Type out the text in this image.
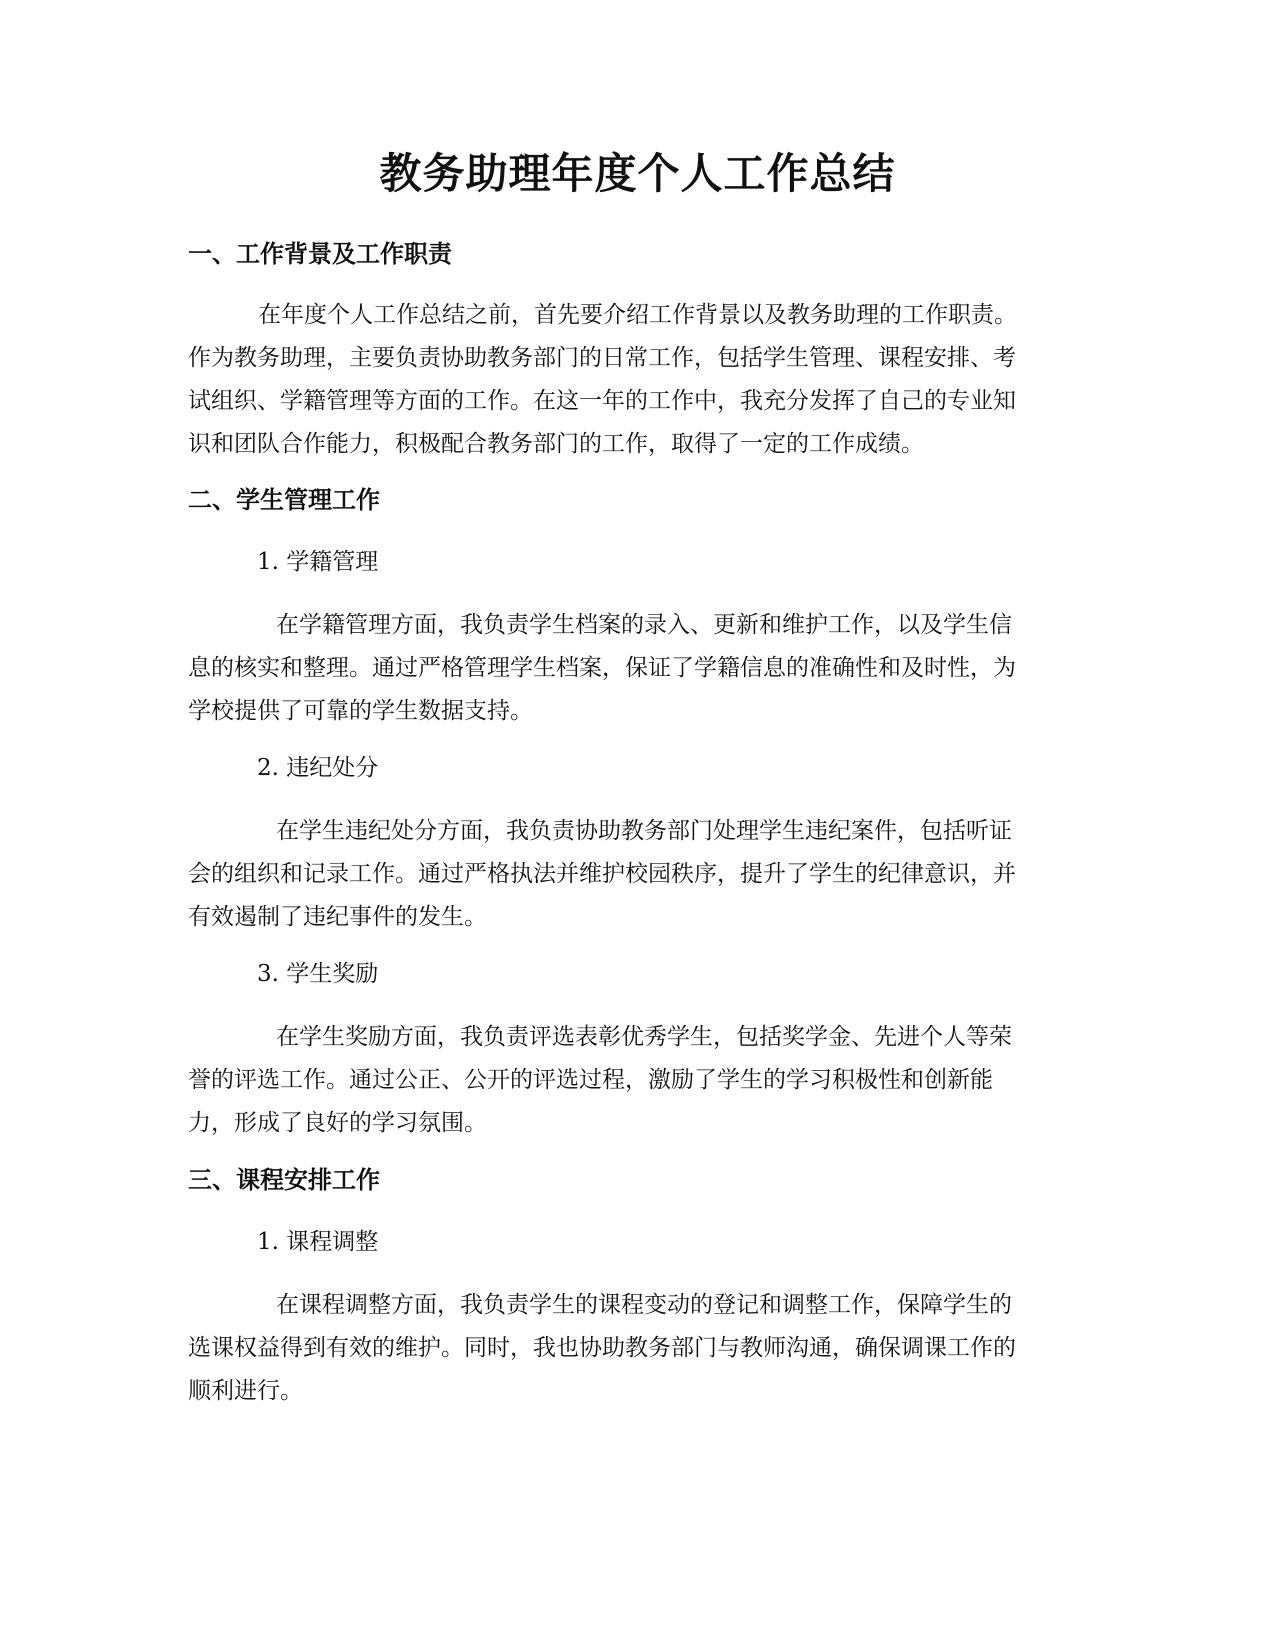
教务助理年度个人工作总结
一、工作背景及工作职责
在年度个人工作总结之前，首先要介绍工作背景以及教务助理的工作职责。
作为教务助理，主要负责协助教务部门的日常工作，包括学生管理、课程安排、考
试组织、学籍管理等方面的工作。在这一年的工作中，我充分发挥了自己的专业知
识和团队合作能力，积极配合教务部门的工作，取得了一定的工作成绩。
二、学生管理工作

1. 学籍管理

在学籍管理方面，我负责学生档案的录入、更新和维护工作，以及学生信
息的核实和整理。通过严格管理学生档案，保证了学籍信息的准确性和及时性，为
学校提供了可靠的学生数据支持。

2. 违纪处分

在学生违纪处分方面，我负责协助教务部门处理学生违纪案件，包括听证
会的组织和记录工作。通过严格执法并维护校园秩序，提升了学生的纪律意识，并
有效遏制了违纪事件的发生。

3. 学生奖励

在学生奖励方面，我负责评选表彰优秀学生，包括奖学金、先进个人等荣
誉的评选工作。通过公正、公开的评选过程，激励了学生的学习积极性和创新能
力，形成了良好的学习氛围。
三、课程安排工作

1. 课程调整

在课程调整方面，我负责学生的课程变动的登记和调整工作，保障学生的
选课权益得到有效的维护。同时，我也协助教务部门与教师沟通，确保调课工作的
顺利进行。
